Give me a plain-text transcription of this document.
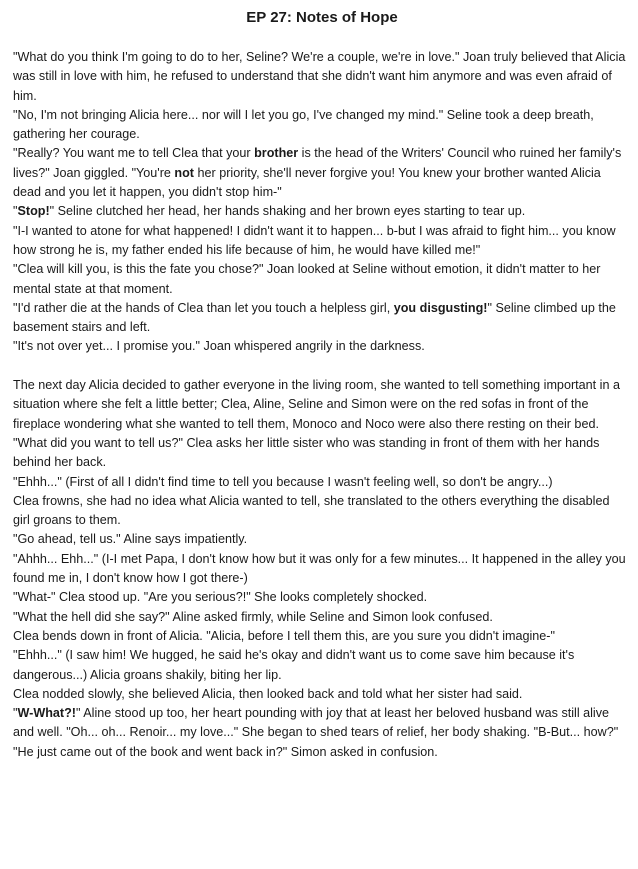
EP 27: Notes of Hope
"What do you think I'm going to do to her, Seline? We're a couple, we're in love." Joan truly believed that Alicia was still in love with him, he refused to understand that she didn't want him anymore and was even afraid of him.
"No, I'm not bringing Alicia here... nor will I let you go, I've changed my mind." Seline took a deep breath, gathering her courage.
"Really? You want me to tell Clea that your brother is the head of the Writers' Council who ruined her family's lives?" Joan giggled. "You're not her priority, she'll never forgive you! You knew your brother wanted Alicia dead and you let it happen, you didn't stop him-"
"Stop!" Seline clutched her head, her hands shaking and her brown eyes starting to tear up.
"I-I wanted to atone for what happened! I didn't want it to happen... b-but I was afraid to fight him... you know how strong he is, my father ended his life because of him, he would have killed me!"
"Clea will kill you, is this the fate you chose?" Joan looked at Seline without emotion, it didn't matter to her mental state at that moment.
"I'd rather die at the hands of Clea than let you touch a helpless girl, you disgusting!" Seline climbed up the basement stairs and left.
"It's not over yet... I promise you." Joan whispered angrily in the darkness.
The next day Alicia decided to gather everyone in the living room, she wanted to tell something important in a situation where she felt a little better; Clea, Aline, Seline and Simon were on the red sofas in front of the fireplace wondering what she wanted to tell them, Monoco and Noco were also there resting on their bed.
"What did you want to tell us?" Clea asks her little sister who was standing in front of them with her hands behind her back.
"Ehhh..." (First of all I didn't find time to tell you because I wasn't feeling well, so don't be angry...)
Clea frowns, she had no idea what Alicia wanted to tell, she translated to the others everything the disabled girl groans to them.
"Go ahead, tell us." Aline says impatiently.
"Ahhh... Ehh..." (I-I met Papa, I don't know how but it was only for a few minutes... It happened in the alley you found me in, I don't know how I got there-)
"What-" Clea stood up. "Are you serious?!" She looks completely shocked.
"What the hell did she say?" Aline asked firmly, while Seline and Simon look confused.
Clea bends down in front of Alicia. "Alicia, before I tell them this, are you sure you didn't imagine-"
"Ehhh..." (I saw him! We hugged, he said he's okay and didn't want us to come save him because it's dangerous...) Alicia groans shakily, biting her lip.
Clea nodded slowly, she believed Alicia, then looked back and told what her sister had said.
"W-What?!" Aline stood up too, her heart pounding with joy that at least her beloved husband was still alive and well. "Oh... oh... Renoir... my love..." She began to shed tears of relief, her body shaking. "B-But... how?"
"He just came out of the book and went back in?" Simon asked in confusion.
